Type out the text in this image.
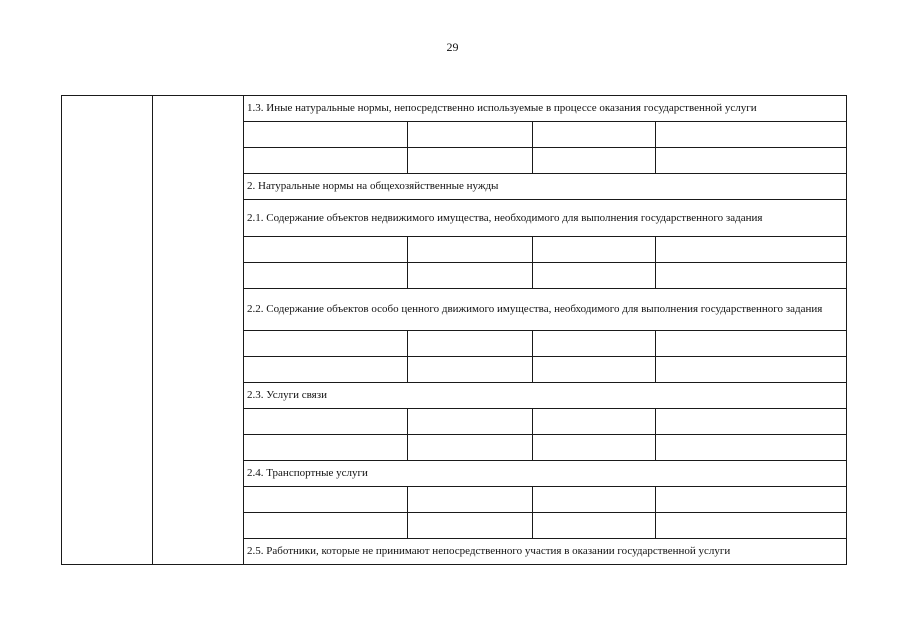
29
		1.3. Иные натуральные нормы, непосредственно используемые в процессе оказания государственной услуги			

		2. Натуральные нормы на общехозяйственные нужды			
		2.1. Содержание объектов недвижимого имущества, необходимого для выполнения государственного задания			

		2.2. Содержание объектов особо ценного движимого имущества, необходимого для выполнения государственного задания			

		2.3. Услуги связи			

		2.4. Транспортные услуги			

		2.5. Работники, которые не принимают непосредственного участия в оказании государственной услуги			
